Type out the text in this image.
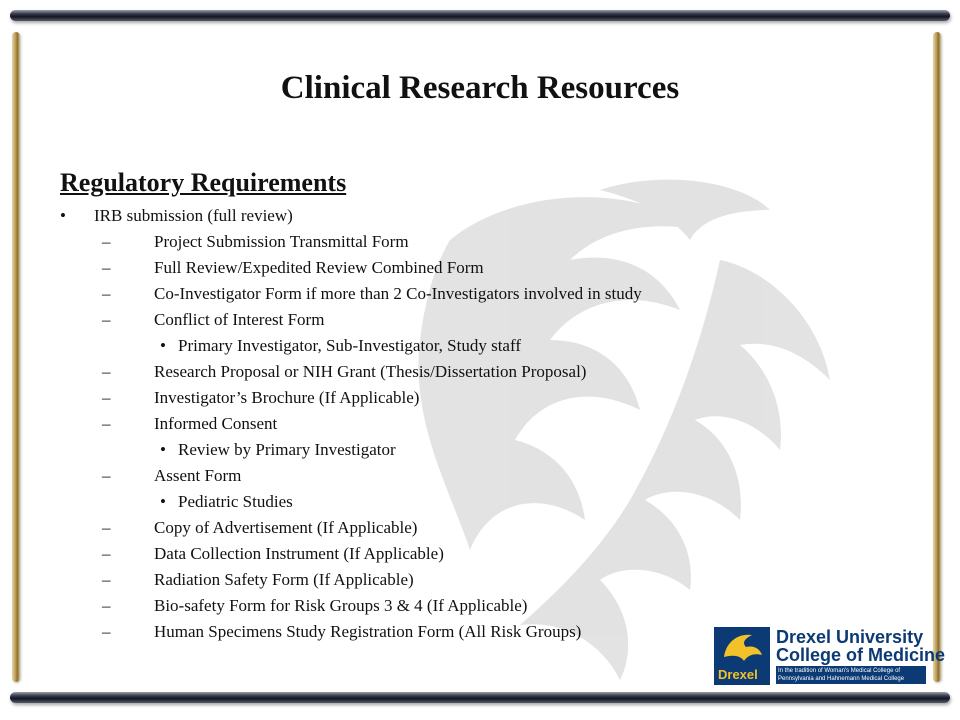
Clinical Research Resources
Regulatory Requirements
• IRB submission (full review)
–	Project Submission Transmittal Form
–	Full Review/Expedited Review Combined Form
–	Co-Investigator Form if more than 2 Co-Investigators involved in study
–	Conflict of Interest Form
• Primary Investigator, Sub-Investigator, Study staff
–	Research Proposal or NIH Grant (Thesis/Dissertation Proposal)
–	Investigator’s Brochure (If Applicable)
–	Informed Consent
• Review by Primary Investigator
–	Assent Form
• Pediatric Studies
–	Copy of Advertisement (If Applicable)
–	Data Collection Instrument (If Applicable)
–	Radiation Safety Form (If Applicable)
–	Bio-safety Form for Risk Groups 3 & 4 (If Applicable)
–	Human Specimens Study Registration Form (All Risk Groups)
Drexel
Drexel University
College of Medicine
In the tradition of Woman's Medical College of Pennsylvania and Hahnemann Medical College
